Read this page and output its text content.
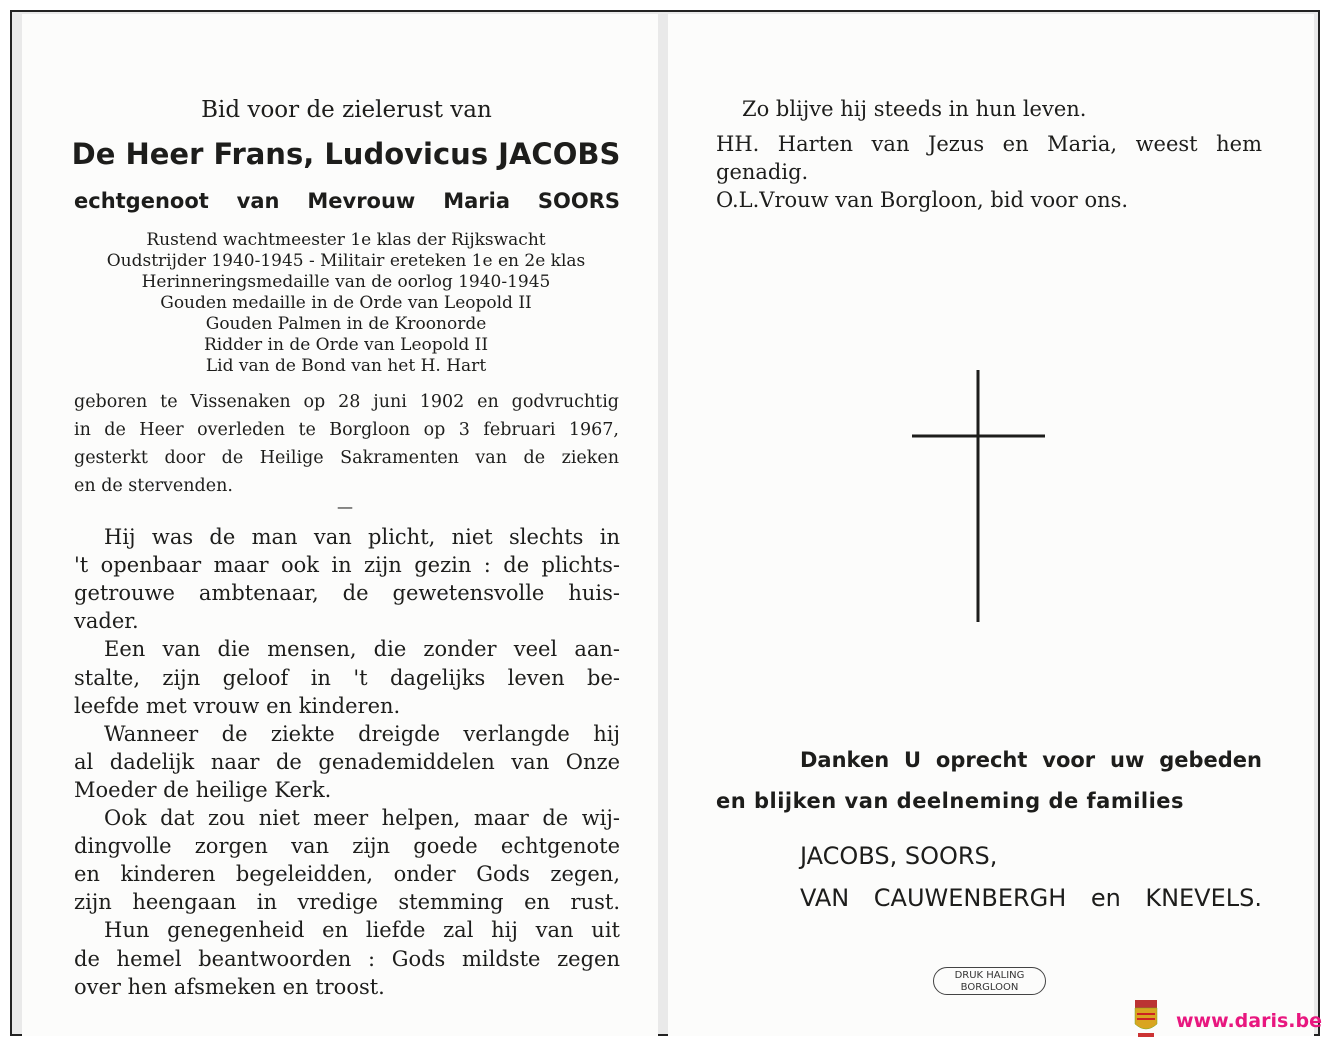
Bid voor de zielerust van
De Heer Frans, Ludovicus JACOBS
echtgenoot van Mevrouw Maria SOORS
Rustend wachtmeester 1e klas der Rijkswacht
Oudstrijder 1940-1945 - Militair ereteken 1e en 2e klas
Herinneringsmedaille van de oorlog 1940-1945
Gouden medaille in de Orde van Leopold II
Gouden Palmen in de Kroonorde
Ridder in de Orde van Leopold II
Lid van de Bond van het H. Hart
geboren te Vissenaken op 28 juni 1902 en godvruchtig
in de Heer overleden te Borgloon op 3 februari 1967,
gesterkt door de Heilige Sakramenten van de zieken
en de stervenden.
—
Hij was de man van plicht, niet slechts in
't openbaar maar ook in zijn gezin : de plichts-
getrouwe ambtenaar, de gewetensvolle huis-
vader.
Een van die mensen, die zonder veel aan-
stalte, zijn geloof in 't dagelijks leven be-
leefde met vrouw en kinderen.
Wanneer de ziekte dreigde verlangde hij
al dadelijk naar de genademiddelen van Onze
Moeder de heilige Kerk.
Ook dat zou niet meer helpen, maar de wij-
dingvolle zorgen van zijn goede echtgenote
en kinderen begeleidden, onder Gods zegen,
zijn heengaan in vredige stemming en rust.
Hun genegenheid en liefde zal hij van uit
de hemel beantwoorden : Gods mildste zegen
over hen afsmeken en troost.
Zo blijve hij steeds in hun leven.
HH. Harten van Jezus en Maria, weest hem
genadig.
O.L.Vrouw van Borgloon, bid voor ons.
Danken U oprecht voor uw gebeden
en blijken van deelneming de families
JACOBS, SOORS,
VAN CAUWENBERGH en KNEVELS.
DRUK HALING
BORGLOON
www.daris.be
